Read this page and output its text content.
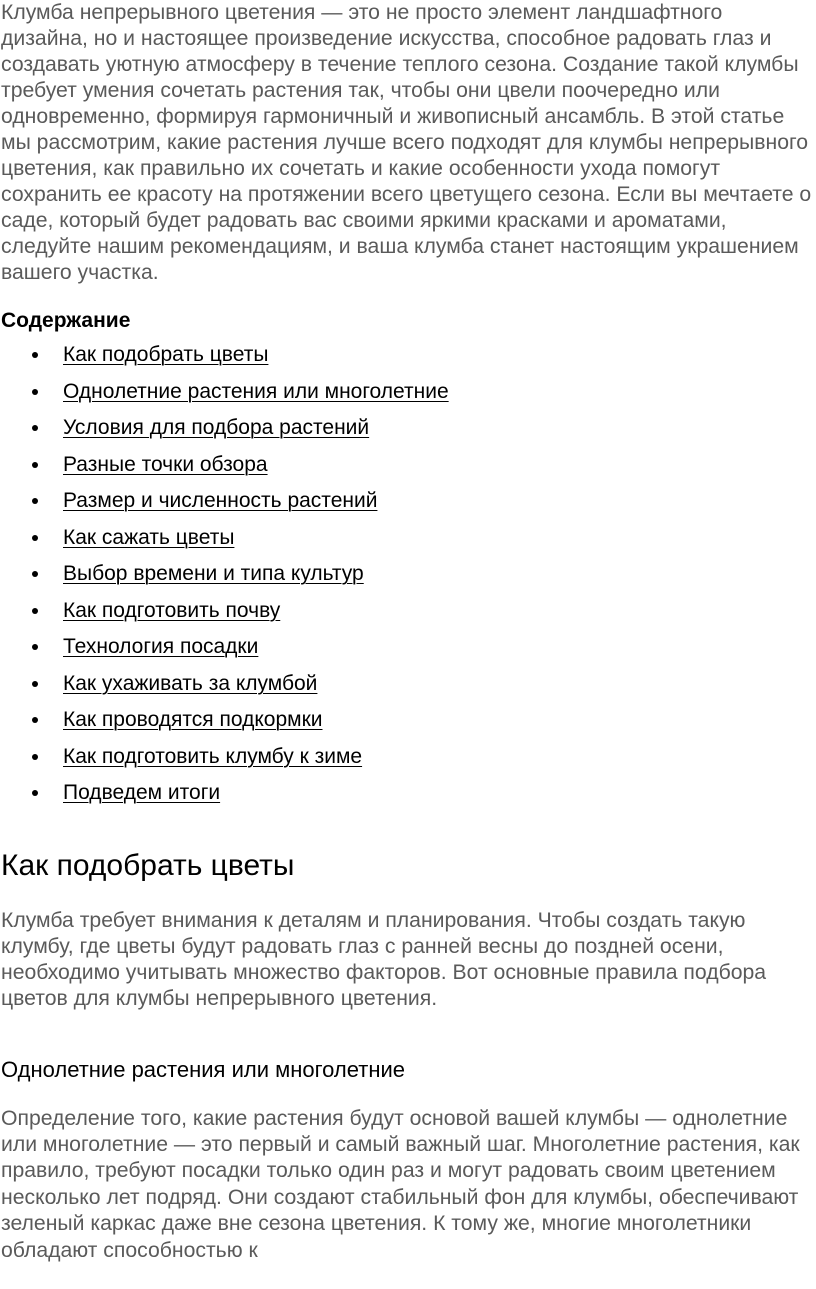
Клумба непрерывного цветения — это не просто элемент ландшафтного дизайна, но и настоящее произведение искусства, способное радовать глаз и создавать уютную атмосферу в течение теплого сезона. Создание такой клумбы требует умения сочетать растения так, чтобы они цвели поочередно или одновременно, формируя гармоничный и живописный ансамбль. В этой статье мы рассмотрим, какие растения лучше всего подходят для клумбы непрерывного цветения, как правильно их сочетать и какие особенности ухода помогут сохранить ее красоту на протяжении всего цветущего сезона. Если вы мечтаете о саде, который будет радовать вас своими яркими красками и ароматами, следуйте нашим рекомендациям, и ваша клумба станет настоящим украшением вашего участка.

Содержание
Как подобрать цветы
Однолетние растения или многолетние
Условия для подбора растений
Разные точки обзора
Размер и численность растений
Как сажать цветы
Выбор времени и типа культур
Как подготовить почву
Технология посадки
Как ухаживать за клумбой
Как проводятся подкормки
Как подготовить клумбу к зиме
Подведем итоги
Как подобрать цветы

Клумба требует внимания к деталям и планирования. Чтобы создать такую клумбу, где цветы будут радовать глаз с ранней весны до поздней осени, необходимо учитывать множество факторов. Вот основные правила подбора цветов для клумбы непрерывного цветения.

Однолетние растения или многолетние

Определение того, какие растения будут основой вашей клумбы — однолетние или многолетние — это первый и самый важный шаг. Многолетние растения, как правило, требуют посадки только один раз и могут радовать своим цветением несколько лет подряд. Они создают стабильный фон для клумбы, обеспечивают зеленый каркас даже вне сезона цветения. К тому же, многие многолетники обладают способностью к
